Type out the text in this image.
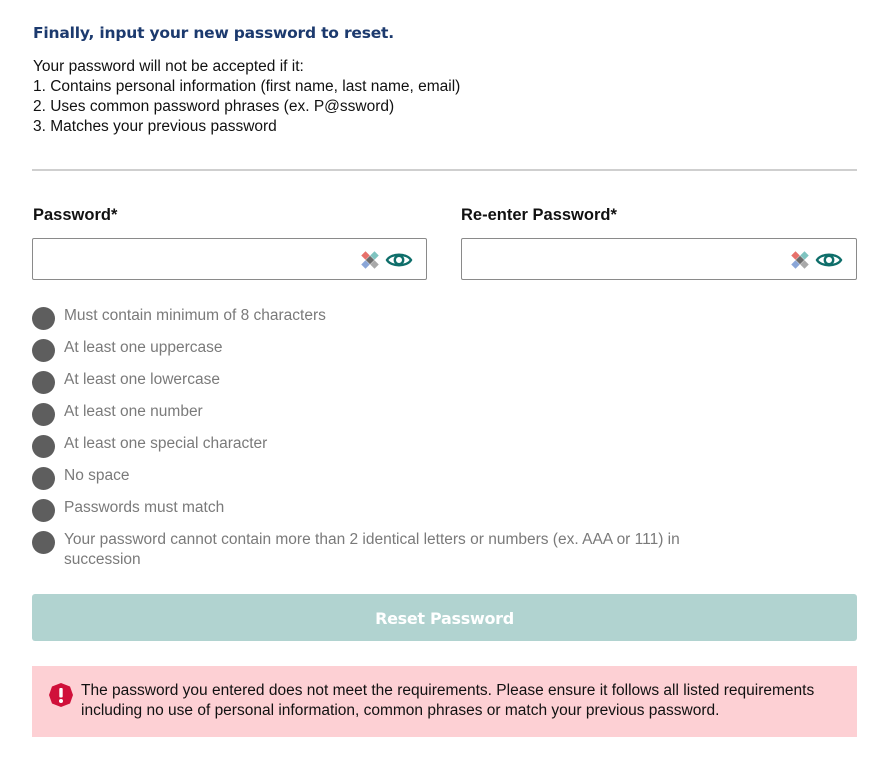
Finally, input your new password to reset.
Your password will not be accepted if it:
1. Contains personal information (first name, last name, email)
2. Uses common password phrases (ex. P@ssword)
3. Matches your previous password
Password*	Re-enter Password*
Must contain minimum of 8 characters
At least one uppercase
At least one lowercase
At least one number
At least one special character
No space
Passwords must match
Your password cannot contain more than 2 identical letters or numbers (ex. AAA or 111) in succession
Reset Password
The password you entered does not meet the requirements. Please ensure it follows all listed requirements including no use of personal information, common phrases or match your previous password.
